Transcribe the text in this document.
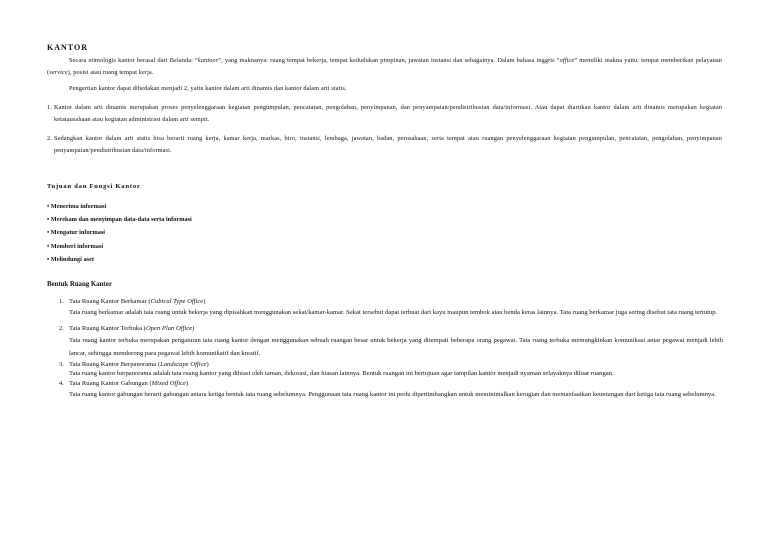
KANTOR
Secara etimologis kantor berasal dari Belanda: “kantoor”, yang maknanya: ruang tempat bekerja, tempat kedudukan pimpinan, jawatan instansi dan sebagainya. Dalam bahasa inggris “office” memiliki makna yaitu: tempat memberikan pelayanan (service), posisi atau ruang tempat kerja.
Pengertian kantor dapat dibedakan menjadi 2, yaitu kantor dalam arti dinamis dan kantor dalam arti statis.
1. Kantor dalam arti dinamis merupakan proses penyelenggaraan kegiatan pengumpulan, pencatatan, pengolahan, penyimpanan, dan penyampaian/pendistribusian data/informasi. Atau dapat diartikan kantor dalam arti dinamis merupakan kegiatan ketatausahaan atau kegiatan administrasi dalam arti sempit.
2. Sedangkan kantor dalam arti statis bisa berarti ruang kerja, kamar kerja, markas, biro, instansi, lembaga, jawatan, badan, perusahaan, serta tempat atau ruangan penyelenggaraan kegiatan pengumpulan, pencatatan, pengolahan, penyimpanan penyampaian/pendistribusian data/informasi.
Tujuan dan Fungsi Kantor
• Menerima informasi
• Merekam dan menyimpan data-data serta informasi
• Mengatur informasi
• Memberi informasi
• Melindungi aset
Bentuk Ruang Kantor
1. Tata Ruang Kantor Berkamar (Cubical Type Office)
Tata ruang berkamar adalah tata ruang untuk bekerja yang dipisahkan menggunakan sekat/kamar-kamar. Sekat tersebut dapat terbuat dari kayu maupun tembok atau benda keras lainnya. Tata ruang berkamar juga sering disebut tata ruang tertutup.
2. Tata Ruang Kantor Terbuka (Open Plan Office)
Tata ruang kantor terbuka merupakan pengaturan tata ruang kantor dengan menggunakan sebuah ruangan besar untuk bekerja yang ditempati beberapa orang pegawai. Tata ruang terbuka memungkinkan komunikasi antar pegawai menjadi lebih lancar, sehingga mendorong para pegawai lebih komunikatif dan kreatif.
3. Tata Ruang Kantor Berpanorama (Landscape Office)
Tata ruang kantor berpanorama adalah tata ruang kantor yang dihiasi oleh taman, dekorasi, dan hiasan lainnya. Bentuk ruangan ini bertujuan agar tampilan kantor menjadi nyaman selayaknya diluar ruangan.
4. Tata Ruang Kantor Gabungan (Mixed Office)
Tata ruang kantor gabungan berarti gabungan antara ketiga bentuk tata ruang sebelumnya. Penggunaan tata ruang kantor ini perlu dipertimbangkan untuk meminimalkan kerugian dan memanfaatkan keuntungan dari ketiga tata ruang sebelumnya.
